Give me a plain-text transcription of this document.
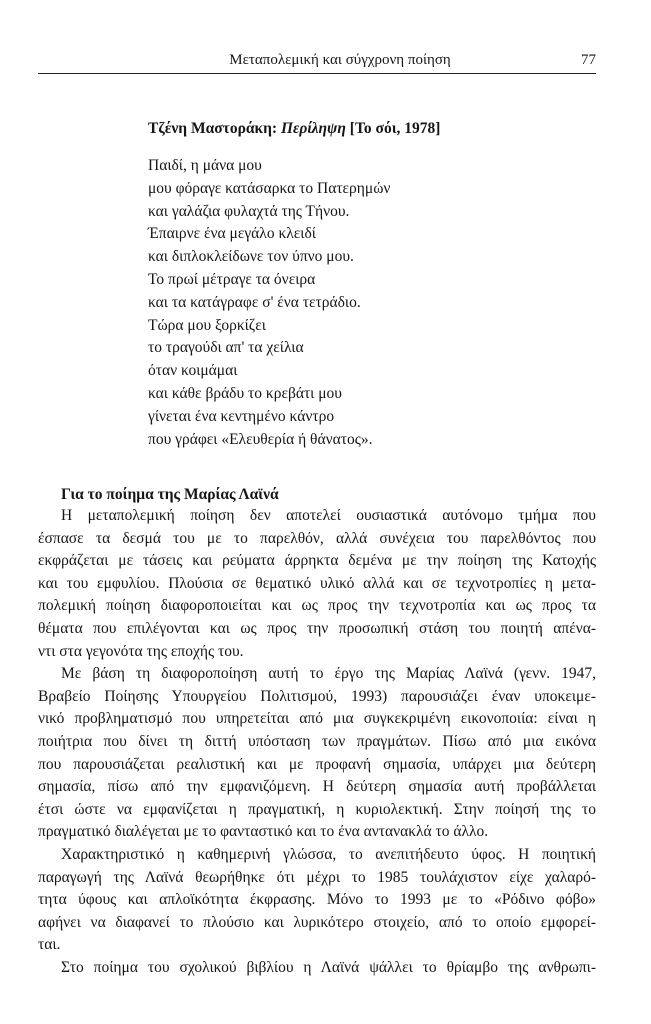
Μεταπολεμική και σύγχρονη ποίηση	77
Τζένη Μαστοράκη: Περίληψη [Το σόι, 1978]
Παιδί, η μάνα μου
μου φόραγε κατάσαρκα το Πατερημών
και γαλάζια φυλαχτά της Τήνου.
Έπαιρνε ένα μεγάλο κλειδί
και διπλοκλείδωνε τον ύπνο μου.
Το πρωί μέτραγε τα όνειρα
και τα κατάγραφε σ' ένα τετράδιο.
Τώρα μου ξορκίζει
το τραγούδι απ' τα χείλια
όταν κοιμάμαι
και κάθε βράδυ το κρεβάτι μου
γίνεται ένα κεντημένο κάντρο
που γράφει «Ελευθερία ή θάνατος».
Για το ποίημα της Μαρίας Λαϊνά
Η μεταπολεμική ποίηση δεν αποτελεί ουσιαστικά αυτόνομο τμήμα που
έσπασε τα δεσμά του με το παρελθόν, αλλά συνέχεια του παρελθόντος που
εκφράζεται με τάσεις και ρεύματα άρρηκτα δεμένα με την ποίηση της Κατοχής
και του εμφυλίου. Πλούσια σε θεματικό υλικό αλλά και σε τεχνοτροπίες η μετα-
πολεμική ποίηση διαφοροποιείται και ως προς την τεχνοτροπία και ως προς τα
θέματα που επιλέγονται και ως προς την προσωπική στάση του ποιητή απένα-
ντι στα γεγονότα της εποχής του.
Με βάση τη διαφοροποίηση αυτή το έργο της Μαρίας Λαϊνά (γενν. 1947,
Βραβείο Ποίησης Υπουργείου Πολιτισμού, 1993) παρουσιάζει έναν υποκειμε-
νικό προβληματισμό που υπηρετείται από μια συγκεκριμένη εικονοποιία: είναι η
ποιήτρια που δίνει τη διττή υπόσταση των πραγμάτων. Πίσω από μια εικόνα
που παρουσιάζεται ρεαλιστική και με προφανή σημασία, υπάρχει μια δεύτερη
σημασία, πίσω από την εμφανιζόμενη. Η δεύτερη σημασία αυτή προβάλλεται
έτσι ώστε να εμφανίζεται η πραγματική, η κυριολεκτική. Στην ποίησή της το
πραγματικό διαλέγεται με το φανταστικό και το ένα αντανακλά το άλλο.
Χαρακτηριστικό η καθημερινή γλώσσα, το ανεπιτήδευτο ύφος. Η ποιητική
παραγωγή της Λαϊνά θεωρήθηκε ότι μέχρι το 1985 τουλάχιστον είχε χαλαρό-
τητα ύφους και απλοϊκότητα έκφρασης. Μόνο το 1993 με το «Ρόδινο φόβο»
αφήνει να διαφανεί το πλούσιο και λυρικότερο στοιχείο, από το οποίο εμφορεί-
ται.
Στο ποίημα του σχολικού βιβλίου η Λαϊνά ψάλλει το θρίαμβο της ανθρωπι-
